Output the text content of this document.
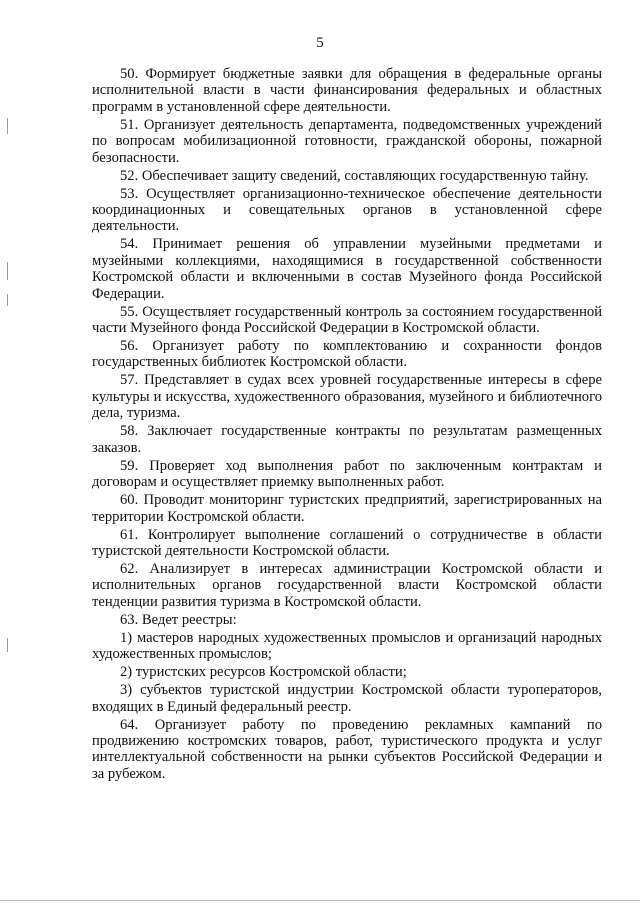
5

50. Формирует бюджетные заявки для обращения в федеральные органы исполнительной власти в части финансирования федеральных и областных программ в установленной сфере деятельности.

51. Организует деятельность департамента, подведомственных учреждений по вопросам мобилизационной готовности, гражданской обороны, пожарной безопасности.

52. Обеспечивает защиту сведений, составляющих государственную тайну.

53. Осуществляет организационно-техническое обеспечение деятельности координационных и совещательных органов в установленной сфере деятельности.

54. Принимает решения об управлении музейными предметами и музейными коллекциями, находящимися в государственной собственности Костромской области и включенными в состав Музейного фонда Российской Федерации.

55. Осуществляет государственный контроль за состоянием государственной части Музейного фонда Российской Федерации в Костромской области.

56. Организует работу по комплектованию и сохранности фондов государственных библиотек Костромской области.

57. Представляет в судах всех уровней государственные интересы в сфере культуры и искусства, художественного образования, музейного и библиотечного дела, туризма.

58. Заключает государственные контракты по результатам размещенных заказов.

59. Проверяет ход выполнения работ по заключенным контрактам и договорам и осуществляет приемку выполненных работ.

60. Проводит мониторинг туристских предприятий, зарегистрированных на территории Костромской области.

61. Контролирует выполнение соглашений о сотрудничестве в области туристской деятельности Костромской области.

62. Анализирует в интересах администрации Костромской области и исполнительных органов государственной власти Костромской области тенденции развития туризма в Костромской области.

63. Ведет реестры:

1) мастеров народных художественных промыслов и организаций народных художественных промыслов;

2) туристских ресурсов Костромской области;

3) субъектов туристской индустрии Костромской области туроператоров, входящих в Единый федеральный реестр.

64. Организует работу по проведению рекламных кампаний по продвижению костромских товаров, работ, туристического продукта и услуг интеллектуальной собственности на рынки субъектов Российской Федерации и за рубежом.
